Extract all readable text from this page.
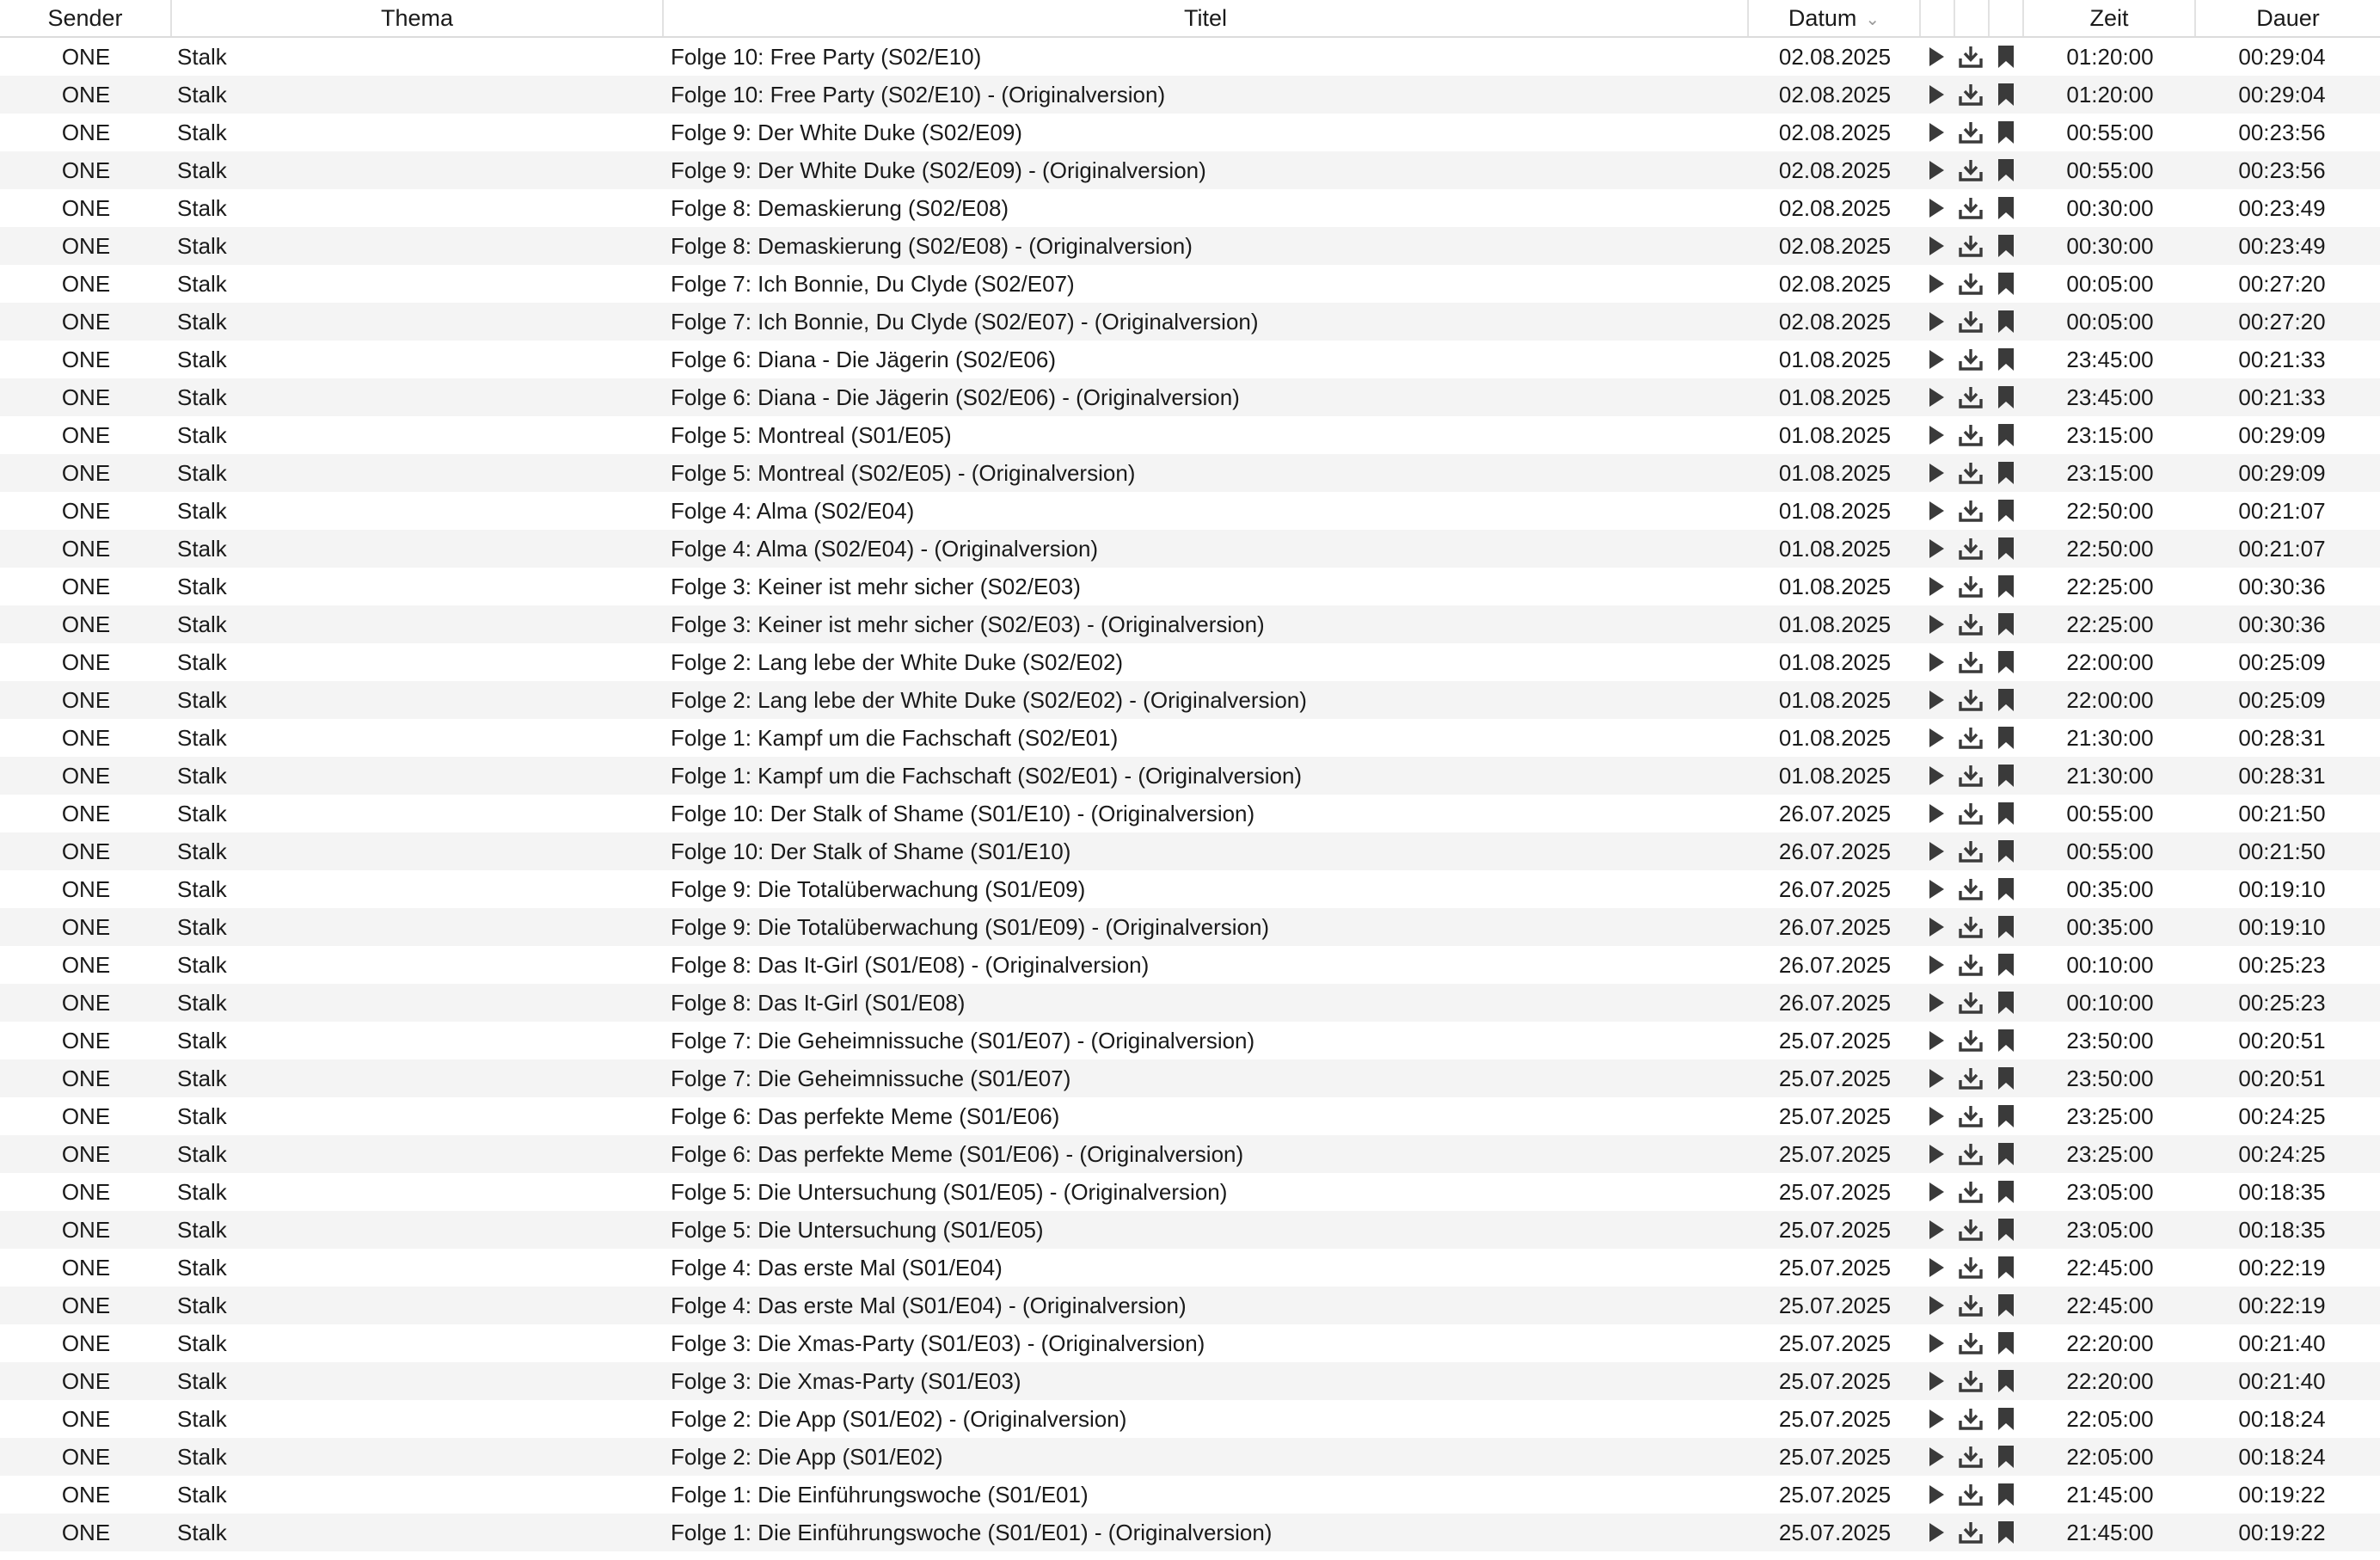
Sender	Thema	Titel	Datum ⌄	Zeit	Dauer
ONE	Stalk	Folge 10: Free Party (S02/E10)	02.08.2025	01:20:00	00:29:04
ONE	Stalk	Folge 10: Free Party (S02/E10) - (Originalversion)	02.08.2025	01:20:00	00:29:04
ONE	Stalk	Folge 9: Der White Duke (S02/E09)	02.08.2025	00:55:00	00:23:56
ONE	Stalk	Folge 9: Der White Duke (S02/E09) - (Originalversion)	02.08.2025	00:55:00	00:23:56
ONE	Stalk	Folge 8: Demaskierung (S02/E08)	02.08.2025	00:30:00	00:23:49
ONE	Stalk	Folge 8: Demaskierung (S02/E08) - (Originalversion)	02.08.2025	00:30:00	00:23:49
ONE	Stalk	Folge 7: Ich Bonnie, Du Clyde (S02/E07)	02.08.2025	00:05:00	00:27:20
ONE	Stalk	Folge 7: Ich Bonnie, Du Clyde (S02/E07) - (Originalversion)	02.08.2025	00:05:00	00:27:20
ONE	Stalk	Folge 6: Diana - Die Jägerin (S02/E06)	01.08.2025	23:45:00	00:21:33
ONE	Stalk	Folge 6: Diana - Die Jägerin (S02/E06) - (Originalversion)	01.08.2025	23:45:00	00:21:33
ONE	Stalk	Folge 5: Montreal (S01/E05)	01.08.2025	23:15:00	00:29:09
ONE	Stalk	Folge 5: Montreal (S02/E05) - (Originalversion)	01.08.2025	23:15:00	00:29:09
ONE	Stalk	Folge 4: Alma (S02/E04)	01.08.2025	22:50:00	00:21:07
ONE	Stalk	Folge 4: Alma (S02/E04) - (Originalversion)	01.08.2025	22:50:00	00:21:07
ONE	Stalk	Folge 3: Keiner ist mehr sicher (S02/E03)	01.08.2025	22:25:00	00:30:36
ONE	Stalk	Folge 3: Keiner ist mehr sicher (S02/E03) - (Originalversion)	01.08.2025	22:25:00	00:30:36
ONE	Stalk	Folge 2: Lang lebe der White Duke (S02/E02)	01.08.2025	22:00:00	00:25:09
ONE	Stalk	Folge 2: Lang lebe der White Duke (S02/E02) - (Originalversion)	01.08.2025	22:00:00	00:25:09
ONE	Stalk	Folge 1: Kampf um die Fachschaft (S02/E01)	01.08.2025	21:30:00	00:28:31
ONE	Stalk	Folge 1: Kampf um die Fachschaft (S02/E01) - (Originalversion)	01.08.2025	21:30:00	00:28:31
ONE	Stalk	Folge 10: Der Stalk of Shame (S01/E10) - (Originalversion)	26.07.2025	00:55:00	00:21:50
ONE	Stalk	Folge 10: Der Stalk of Shame (S01/E10)	26.07.2025	00:55:00	00:21:50
ONE	Stalk	Folge 9: Die Totalüberwachung (S01/E09)	26.07.2025	00:35:00	00:19:10
ONE	Stalk	Folge 9: Die Totalüberwachung (S01/E09) - (Originalversion)	26.07.2025	00:35:00	00:19:10
ONE	Stalk	Folge 8: Das It-Girl (S01/E08) - (Originalversion)	26.07.2025	00:10:00	00:25:23
ONE	Stalk	Folge 8: Das It-Girl (S01/E08)	26.07.2025	00:10:00	00:25:23
ONE	Stalk	Folge 7: Die Geheimnissuche (S01/E07) - (Originalversion)	25.07.2025	23:50:00	00:20:51
ONE	Stalk	Folge 7: Die Geheimnissuche (S01/E07)	25.07.2025	23:50:00	00:20:51
ONE	Stalk	Folge 6: Das perfekte Meme (S01/E06)	25.07.2025	23:25:00	00:24:25
ONE	Stalk	Folge 6: Das perfekte Meme (S01/E06) - (Originalversion)	25.07.2025	23:25:00	00:24:25
ONE	Stalk	Folge 5: Die Untersuchung (S01/E05) - (Originalversion)	25.07.2025	23:05:00	00:18:35
ONE	Stalk	Folge 5: Die Untersuchung (S01/E05)	25.07.2025	23:05:00	00:18:35
ONE	Stalk	Folge 4: Das erste Mal (S01/E04)	25.07.2025	22:45:00	00:22:19
ONE	Stalk	Folge 4: Das erste Mal (S01/E04) - (Originalversion)	25.07.2025	22:45:00	00:22:19
ONE	Stalk	Folge 3: Die Xmas-Party (S01/E03) - (Originalversion)	25.07.2025	22:20:00	00:21:40
ONE	Stalk	Folge 3: Die Xmas-Party (S01/E03)	25.07.2025	22:20:00	00:21:40
ONE	Stalk	Folge 2: Die App (S01/E02) - (Originalversion)	25.07.2025	22:05:00	00:18:24
ONE	Stalk	Folge 2: Die App (S01/E02)	25.07.2025	22:05:00	00:18:24
ONE	Stalk	Folge 1: Die Einführungswoche (S01/E01)	25.07.2025	21:45:00	00:19:22
ONE	Stalk	Folge 1: Die Einführungswoche (S01/E01) - (Originalversion)	25.07.2025	21:45:00	00:19:22
